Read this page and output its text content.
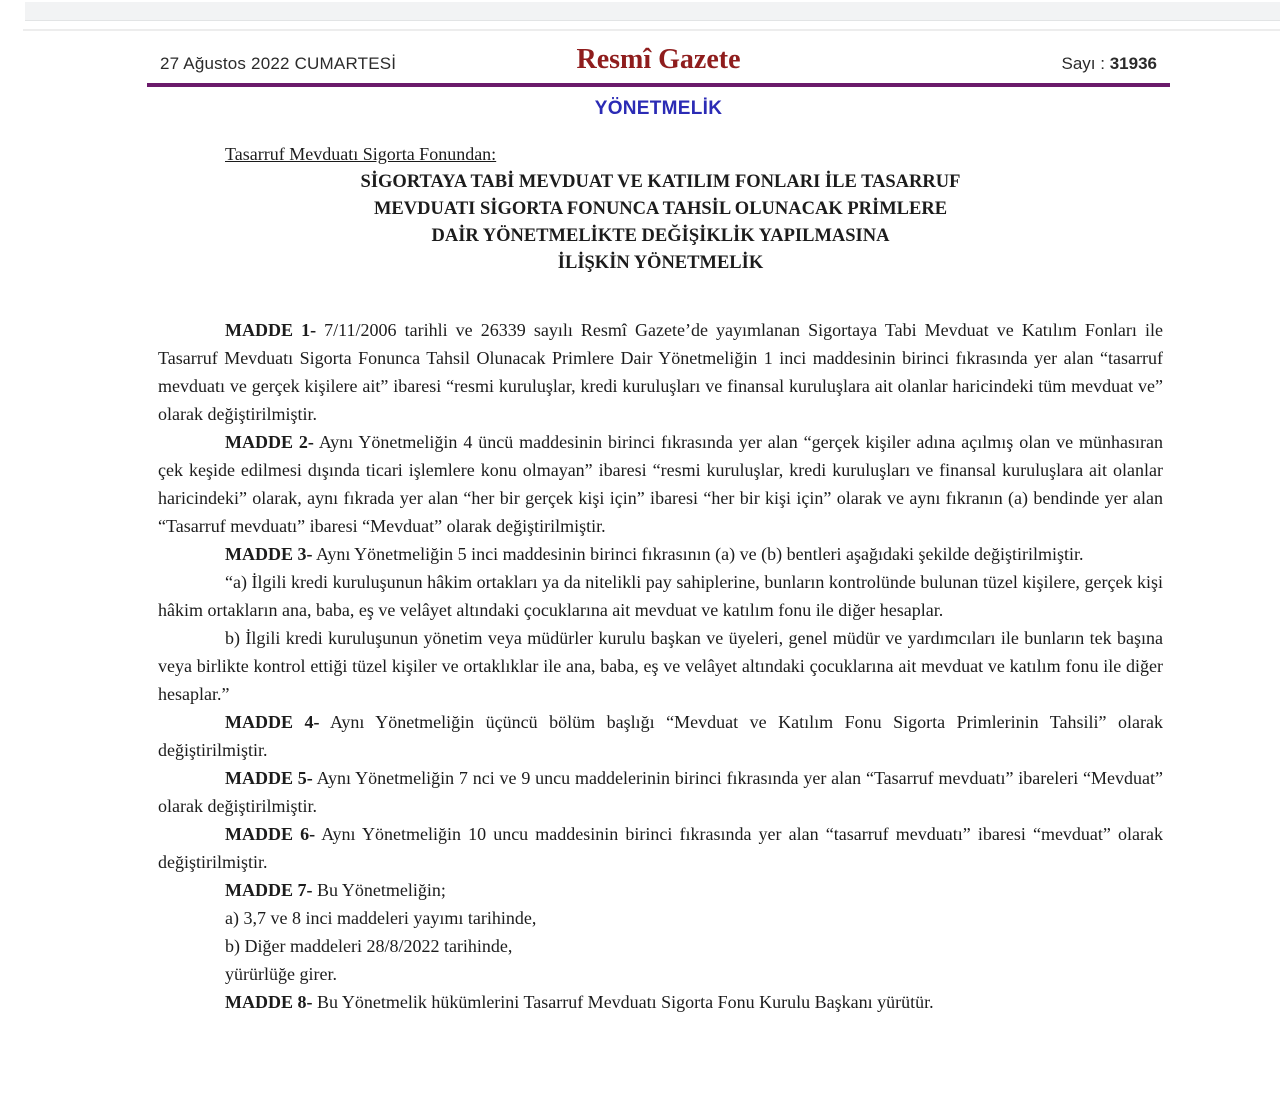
27 Ağustos 2022 CUMARTESİ	Resmî Gazete	Sayı : 31936
YÖNETMELİK

Tasarruf Mevduatı Sigorta Fonundan:

SİGORTAYA TABİ MEVDUAT VE KATILIM FONLARI İLE TASARRUF
MEVDUATI SİGORTA FONUNCA TAHSİL OLUNACAK PRİMLERE
DAİR YÖNETMELİKTE DEĞİŞİKLİK YAPILMASINA
İLİŞKİN YÖNETMELİK

MADDE 1- 7/11/2006 tarihli ve 26339 sayılı Resmî Gazete’de yayımlanan Sigortaya Tabi Mevduat ve Katılım Fonları ile Tasarruf Mevduatı Sigorta Fonunca Tahsil Olunacak Primlere Dair Yönetmeliğin 1 inci maddesinin birinci fıkrasında yer alan “tasarruf mevduatı ve gerçek kişilere ait” ibaresi “resmi kuruluşlar, kredi kuruluşları ve finansal kuruluşlara ait olanlar haricindeki tüm mevduat ve” olarak değiştirilmiştir.

MADDE 2- Aynı Yönetmeliğin 4 üncü maddesinin birinci fıkrasında yer alan “gerçek kişiler adına açılmış olan ve münhasıran çek keşide edilmesi dışında ticari işlemlere konu olmayan” ibaresi “resmi kuruluşlar, kredi kuruluşları ve finansal kuruluşlara ait olanlar haricindeki” olarak, aynı fıkrada yer alan “her bir gerçek kişi için” ibaresi “her bir kişi için” olarak ve aynı fıkranın (a) bendinde yer alan “Tasarruf mevduatı” ibaresi “Mevduat” olarak değiştirilmiştir.

MADDE 3- Aynı Yönetmeliğin 5 inci maddesinin birinci fıkrasının (a) ve (b) bentleri aşağıdaki şekilde değiştirilmiştir.

“a) İlgili kredi kuruluşunun hâkim ortakları ya da nitelikli pay sahiplerine, bunların kontrolünde bulunan tüzel kişilere, gerçek kişi hâkim ortakların ana, baba, eş ve velâyet altındaki çocuklarına ait mevduat ve katılım fonu ile diğer hesaplar.

b) İlgili kredi kuruluşunun yönetim veya müdürler kurulu başkan ve üyeleri, genel müdür ve yardımcıları ile bunların tek başına veya birlikte kontrol ettiği tüzel kişiler ve ortaklıklar ile ana, baba, eş ve velâyet altındaki çocuklarına ait mevduat ve katılım fonu ile diğer hesaplar.”

MADDE 4- Aynı Yönetmeliğin üçüncü bölüm başlığı “Mevduat ve Katılım Fonu Sigorta Primlerinin Tahsili” olarak değiştirilmiştir.

MADDE 5- Aynı Yönetmeliğin 7 nci ve 9 uncu maddelerinin birinci fıkrasında yer alan “Tasarruf mevduatı” ibareleri “Mevduat” olarak değiştirilmiştir.

MADDE 6- Aynı Yönetmeliğin 10 uncu maddesinin birinci fıkrasında yer alan “tasarruf mevduatı” ibaresi “mevduat” olarak değiştirilmiştir.

MADDE 7- Bu Yönetmeliğin;

a) 3,7 ve 8 inci maddeleri yayımı tarihinde,

b) Diğer maddeleri 28/8/2022 tarihinde,

yürürlüğe girer.

MADDE 8- Bu Yönetmelik hükümlerini Tasarruf Mevduatı Sigorta Fonu Kurulu Başkanı yürütür.
